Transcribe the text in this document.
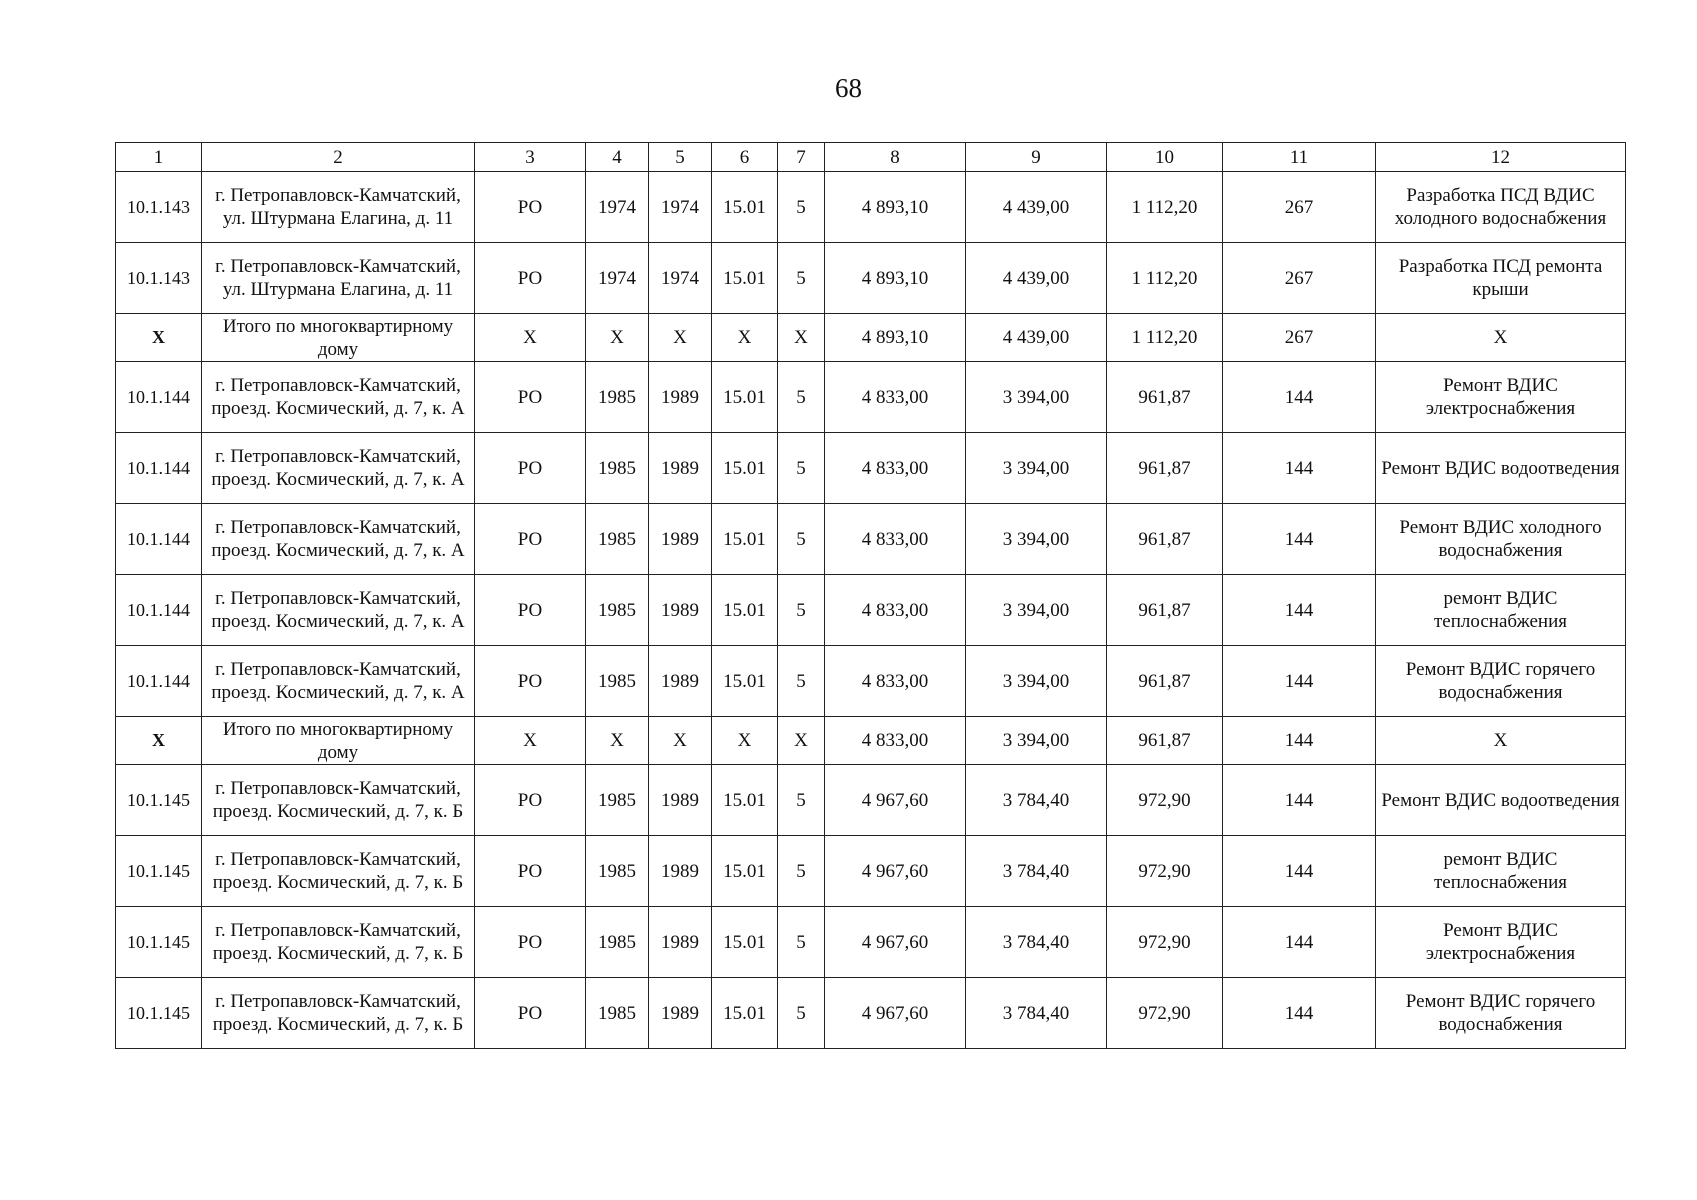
68
1	2	3	4	5	6	7	8	9	10	11	12
10.1.143	г. Петропавловск-Камчатский, ул. Штурмана Елагина, д. 11	РО	1974	1974	15.01	5	4 893,10	4 439,00	1 112,20	267	Разработка ПСД ВДИС холодного водоснабжения
10.1.143	г. Петропавловск-Камчатский, ул. Штурмана Елагина, д. 11	РО	1974	1974	15.01	5	4 893,10	4 439,00	1 112,20	267	Разработка ПСД ремонта крыши
X	Итого по многоквартирному дому	X	X	X	X	X	4 893,10	4 439,00	1 112,20	267	X
10.1.144	г. Петропавловск-Камчатский, проезд. Космический, д. 7, к. А	РО	1985	1989	15.01	5	4 833,00	3 394,00	961,87	144	Ремонт ВДИС электроснабжения
10.1.144	г. Петропавловск-Камчатский, проезд. Космический, д. 7, к. А	РО	1985	1989	15.01	5	4 833,00	3 394,00	961,87	144	Ремонт ВДИС водоотведения
10.1.144	г. Петропавловск-Камчатский, проезд. Космический, д. 7, к. А	РО	1985	1989	15.01	5	4 833,00	3 394,00	961,87	144	Ремонт ВДИС холодного водоснабжения
10.1.144	г. Петропавловск-Камчатский, проезд. Космический, д. 7, к. А	РО	1985	1989	15.01	5	4 833,00	3 394,00	961,87	144	ремонт ВДИС теплоснабжения
10.1.144	г. Петропавловск-Камчатский, проезд. Космический, д. 7, к. А	РО	1985	1989	15.01	5	4 833,00	3 394,00	961,87	144	Ремонт ВДИС горячего водоснабжения
X	Итого по многоквартирному дому	X	X	X	X	X	4 833,00	3 394,00	961,87	144	X
10.1.145	г. Петропавловск-Камчатский, проезд. Космический, д. 7, к. Б	РО	1985	1989	15.01	5	4 967,60	3 784,40	972,90	144	Ремонт ВДИС водоотведения
10.1.145	г. Петропавловск-Камчатский, проезд. Космический, д. 7, к. Б	РО	1985	1989	15.01	5	4 967,60	3 784,40	972,90	144	ремонт ВДИС теплоснабжения
10.1.145	г. Петропавловск-Камчатский, проезд. Космический, д. 7, к. Б	РО	1985	1989	15.01	5	4 967,60	3 784,40	972,90	144	Ремонт ВДИС электроснабжения
10.1.145	г. Петропавловск-Камчатский, проезд. Космический, д. 7, к. Б	РО	1985	1989	15.01	5	4 967,60	3 784,40	972,90	144	Ремонт ВДИС горячего водоснабжения
